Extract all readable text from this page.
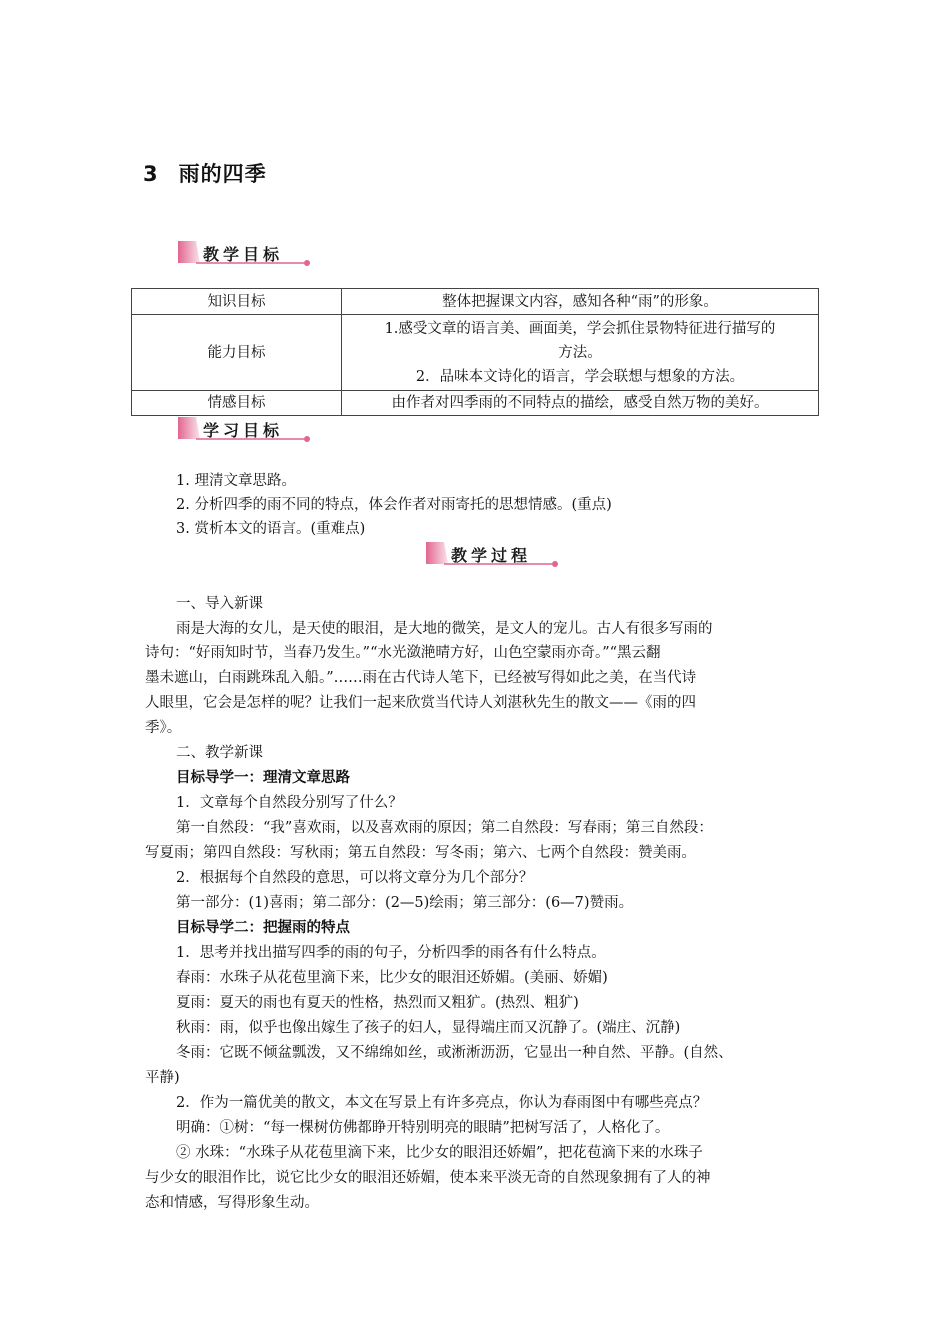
3 雨的四季
教学目标
知识目标	整体把握课文内容，感知各种“雨”的形象。

能力目标	1.感受文章的语言美、画面美，学会抓住景物特征进行描写的
方法。
2．品味本文诗化的语言，学会联想与想象的方法。

情感目标	由作者对四季雨的不同特点的描绘，感受自然万物的美好。
学习目标
1. 理清文章思路。
2. 分析四季的雨不同的特点，体会作者对雨寄托的思想情感。(重点)
3. 赏析本文的语言。(重难点)
教学过程
一、导入新课
雨是大海的女儿，是天使的眼泪，是大地的微笑，是文人的宠儿。古人有很多写雨的
诗句：“好雨知时节，当春乃发生。”“水光潋滟晴方好，山色空蒙雨亦奇。”“黑云翻
墨未遮山，白雨跳珠乱入船。”……雨在古代诗人笔下，已经被写得如此之美，在当代诗
人眼里，它会是怎样的呢？让我们一起来欣赏当代诗人刘湛秋先生的散文——《雨的四
季》。
二、教学新课
目标导学一：理清文章思路
1．文章每个自然段分别写了什么？
第一自然段：“我”喜欢雨，以及喜欢雨的原因；第二自然段：写春雨；第三自然段：
写夏雨；第四自然段：写秋雨；第五自然段：写冬雨；第六、七两个自然段：赞美雨。
2．根据每个自然段的意思，可以将文章分为几个部分？
第一部分：(1)喜雨；第二部分：(2—5)绘雨；第三部分：(6—7)赞雨。
目标导学二：把握雨的特点
1．思考并找出描写四季的雨的句子，分析四季的雨各有什么特点。
春雨：水珠子从花苞里滴下来，比少女的眼泪还娇媚。(美丽、娇媚)
夏雨：夏天的雨也有夏天的性格，热烈而又粗犷。(热烈、粗犷)
秋雨：雨，似乎也像出嫁生了孩子的妇人，显得端庄而又沉静了。(端庄、沉静)
冬雨：它既不倾盆瓢泼，又不绵绵如丝，或淅淅沥沥，它显出一种自然、平静。(自然、
平静)
2．作为一篇优美的散文，本文在写景上有许多亮点，你认为春雨图中有哪些亮点？
明确：①树：“每一棵树仿佛都睁开特别明亮的眼睛”把树写活了，人格化了。
② 水珠：“水珠子从花苞里滴下来，比少女的眼泪还娇媚”，把花苞滴下来的水珠子
与少女的眼泪作比，说它比少女的眼泪还娇媚，使本来平淡无奇的自然现象拥有了人的神
态和情感，写得形象生动。
